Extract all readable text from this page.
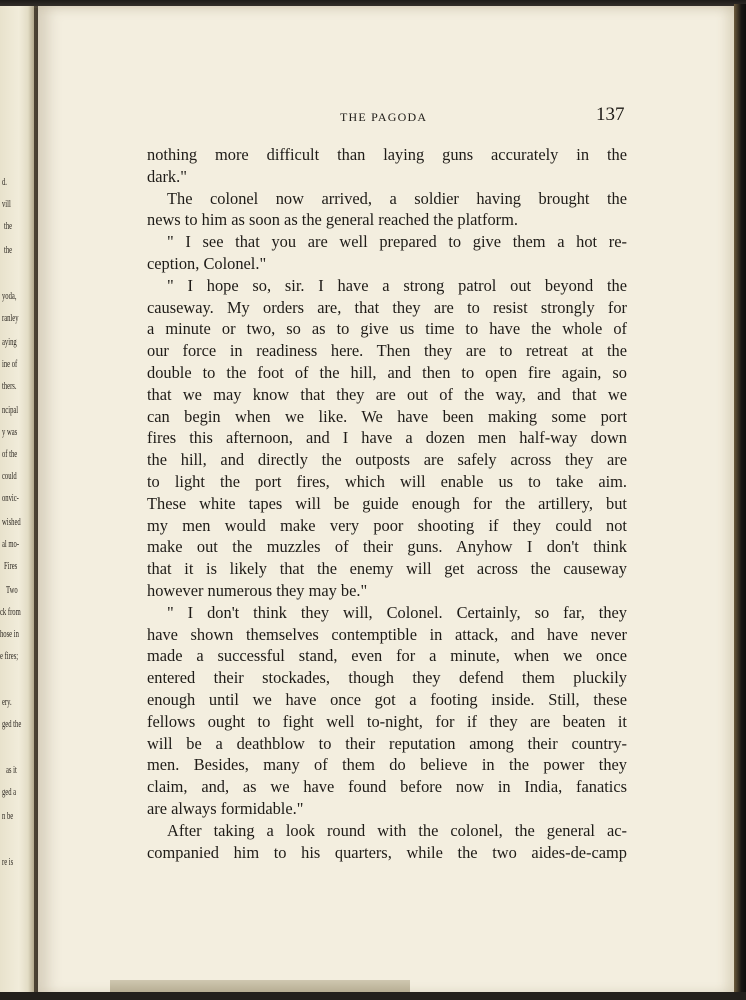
d.
vill
the
the
yoda,
ranley
aying
ine of
thers.
ncipal
y was
of the
could
onvic-
wished
al mo-
Fires
Two
ck from
hose in
e fires;
ery.
ged the
as it
ged a
n be
re is
THE PAGODA	137
nothing more difficult than laying guns accurately in the
dark."
The colonel now arrived, a soldier having brought the
news to him as soon as the general reached the platform.
" I see that you are well prepared to give them a hot re-
ception, Colonel."
" I hope so, sir. I have a strong patrol out beyond the
causeway. My orders are, that they are to resist strongly for
a minute or two, so as to give us time to have the whole of
our force in readiness here. Then they are to retreat at the
double to the foot of the hill, and then to open fire again, so
that we may know that they are out of the way, and that we
can begin when we like. We have been making some port
fires this afternoon, and I have a dozen men half-way down
the hill, and directly the outposts are safely across they are
to light the port fires, which will enable us to take aim.
These white tapes will be guide enough for the artillery, but
my men would make very poor shooting if they could not
make out the muzzles of their guns. Anyhow I don't think
that it is likely that the enemy will get across the causeway
however numerous they may be."
" I don't think they will, Colonel. Certainly, so far, they
have shown themselves contemptible in attack, and have never
made a successful stand, even for a minute, when we once
entered their stockades, though they defend them pluckily
enough until we have once got a footing inside. Still, these
fellows ought to fight well to-night, for if they are beaten it
will be a deathblow to their reputation among their country-
men. Besides, many of them do believe in the power they
claim, and, as we have found before now in India, fanatics
are always formidable."
After taking a look round with the colonel, the general ac-
companied him to his quarters, while the two aides-de-camp
